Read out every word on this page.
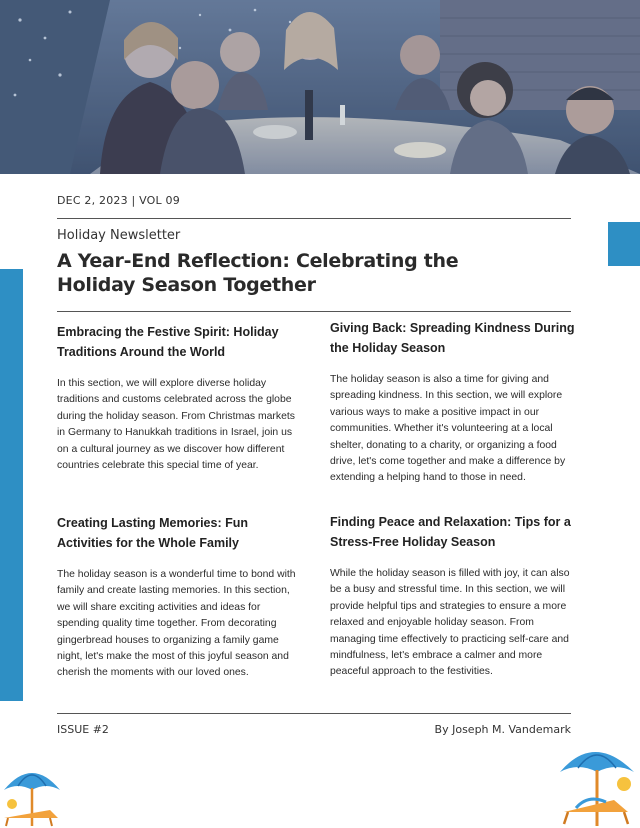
DEC 2, 2023 | VOL 09
Holiday Newsletter
A Year-End Reflection: Celebrating the Holiday Season Together
Embracing the Festive Spirit: Holiday Traditions Around the World

In this section, we will explore diverse holiday traditions and customs celebrated across the globe during the holiday season. From Christmas markets in Germany to Hanukkah traditions in Israel, join us on a cultural journey as we discover how different countries celebrate this special time of year.

Giving Back: Spreading Kindness During the Holiday Season

The holiday season is also a time for giving and spreading kindness. In this section, we will explore various ways to make a positive impact in our communities. Whether it's volunteering at a local shelter, donating to a charity, or organizing a food drive, let's come together and make a difference by extending a helping hand to those in need.

Creating Lasting Memories: Fun Activities for the Whole Family

The holiday season is a wonderful time to bond with family and create lasting memories. In this section, we will share exciting activities and ideas for spending quality time together. From decorating gingerbread houses to organizing a family game night, let's make the most of this joyful season and cherish the moments with our loved ones.

Finding Peace and Relaxation: Tips for a Stress-Free Holiday Season

While the holiday season is filled with joy, it can also be a busy and stressful time. In this section, we will provide helpful tips and strategies to ensure a more relaxed and enjoyable holiday season. From managing time effectively to practicing self-care and mindfulness, let's embrace a calmer and more peaceful approach to the festivities.

ISSUE #2	By Joseph M. Vandemark
